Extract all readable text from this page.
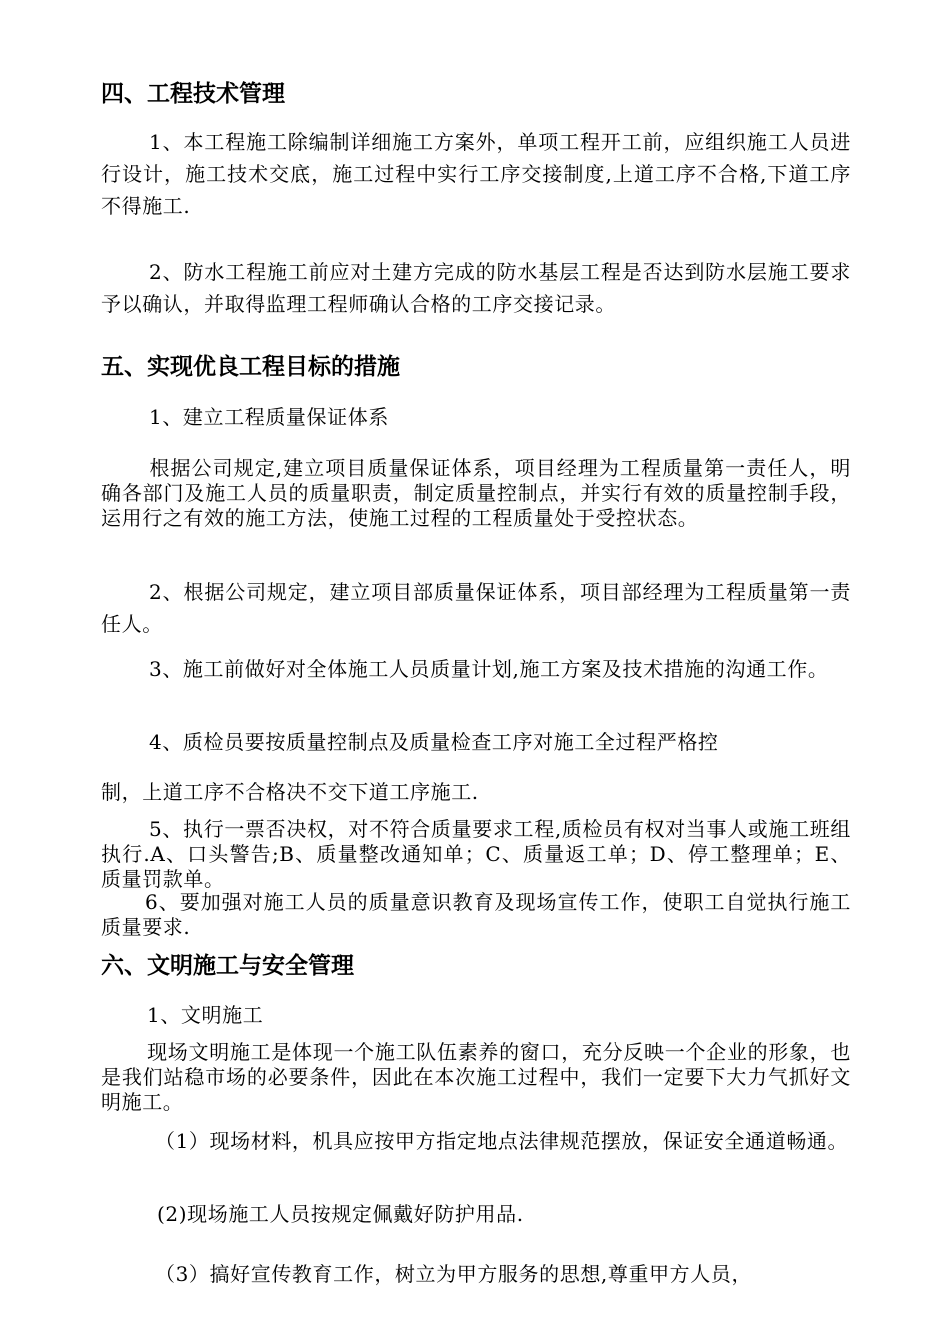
四、工程技术管理
1、本工程施工除编制详细施工方案外，单项工程开工前，应组织施工人员进行设计，施工技术交底，施工过程中实行工序交接制度,上道工序不合格,下道工序不得施工.
2、防水工程施工前应对土建方完成的防水基层工程是否达到防水层施工要求予以确认，并取得监理工程师确认合格的工序交接记录。
五、实现优良工程目标的措施
1、建立工程质量保证体系
根据公司规定,建立项目质量保证体系，项目经理为工程质量第一责任人，明确各部门及施工人员的质量职责，制定质量控制点，并实行有效的质量控制手段，运用行之有效的施工方法，使施工过程的工程质量处于受控状态。
2、根据公司规定，建立项目部质量保证体系，项目部经理为工程质量第一责任人。
3、施工前做好对全体施工人员质量计划,施工方案及技术措施的沟通工作。
4、质检员要按质量控制点及质量检查工序对施工全过程严格控
制，上道工序不合格决不交下道工序施工.
5、执行一票否决权，对不符合质量要求工程,质检员有权对当事人或施工班组执行.A、口头警告;B、质量整改通知单；C、质量返工单；D、停工整理单；E、质量罚款单。
6、要加强对施工人员的质量意识教育及现场宣传工作，使职工自觉执行施工质量要求.
六、文明施工与安全管理
1、文明施工
现场文明施工是体现一个施工队伍素养的窗口，充分反映一个企业的形象，也是我们站稳市场的必要条件，因此在本次施工过程中，我们一定要下大力气抓好文明施工。
（1）现场材料，机具应按甲方指定地点法律规范摆放，保证安全通道畅通。
(2)现场施工人员按规定佩戴好防护用品.
（3）搞好宣传教育工作，树立为甲方服务的思想,尊重甲方人员，
